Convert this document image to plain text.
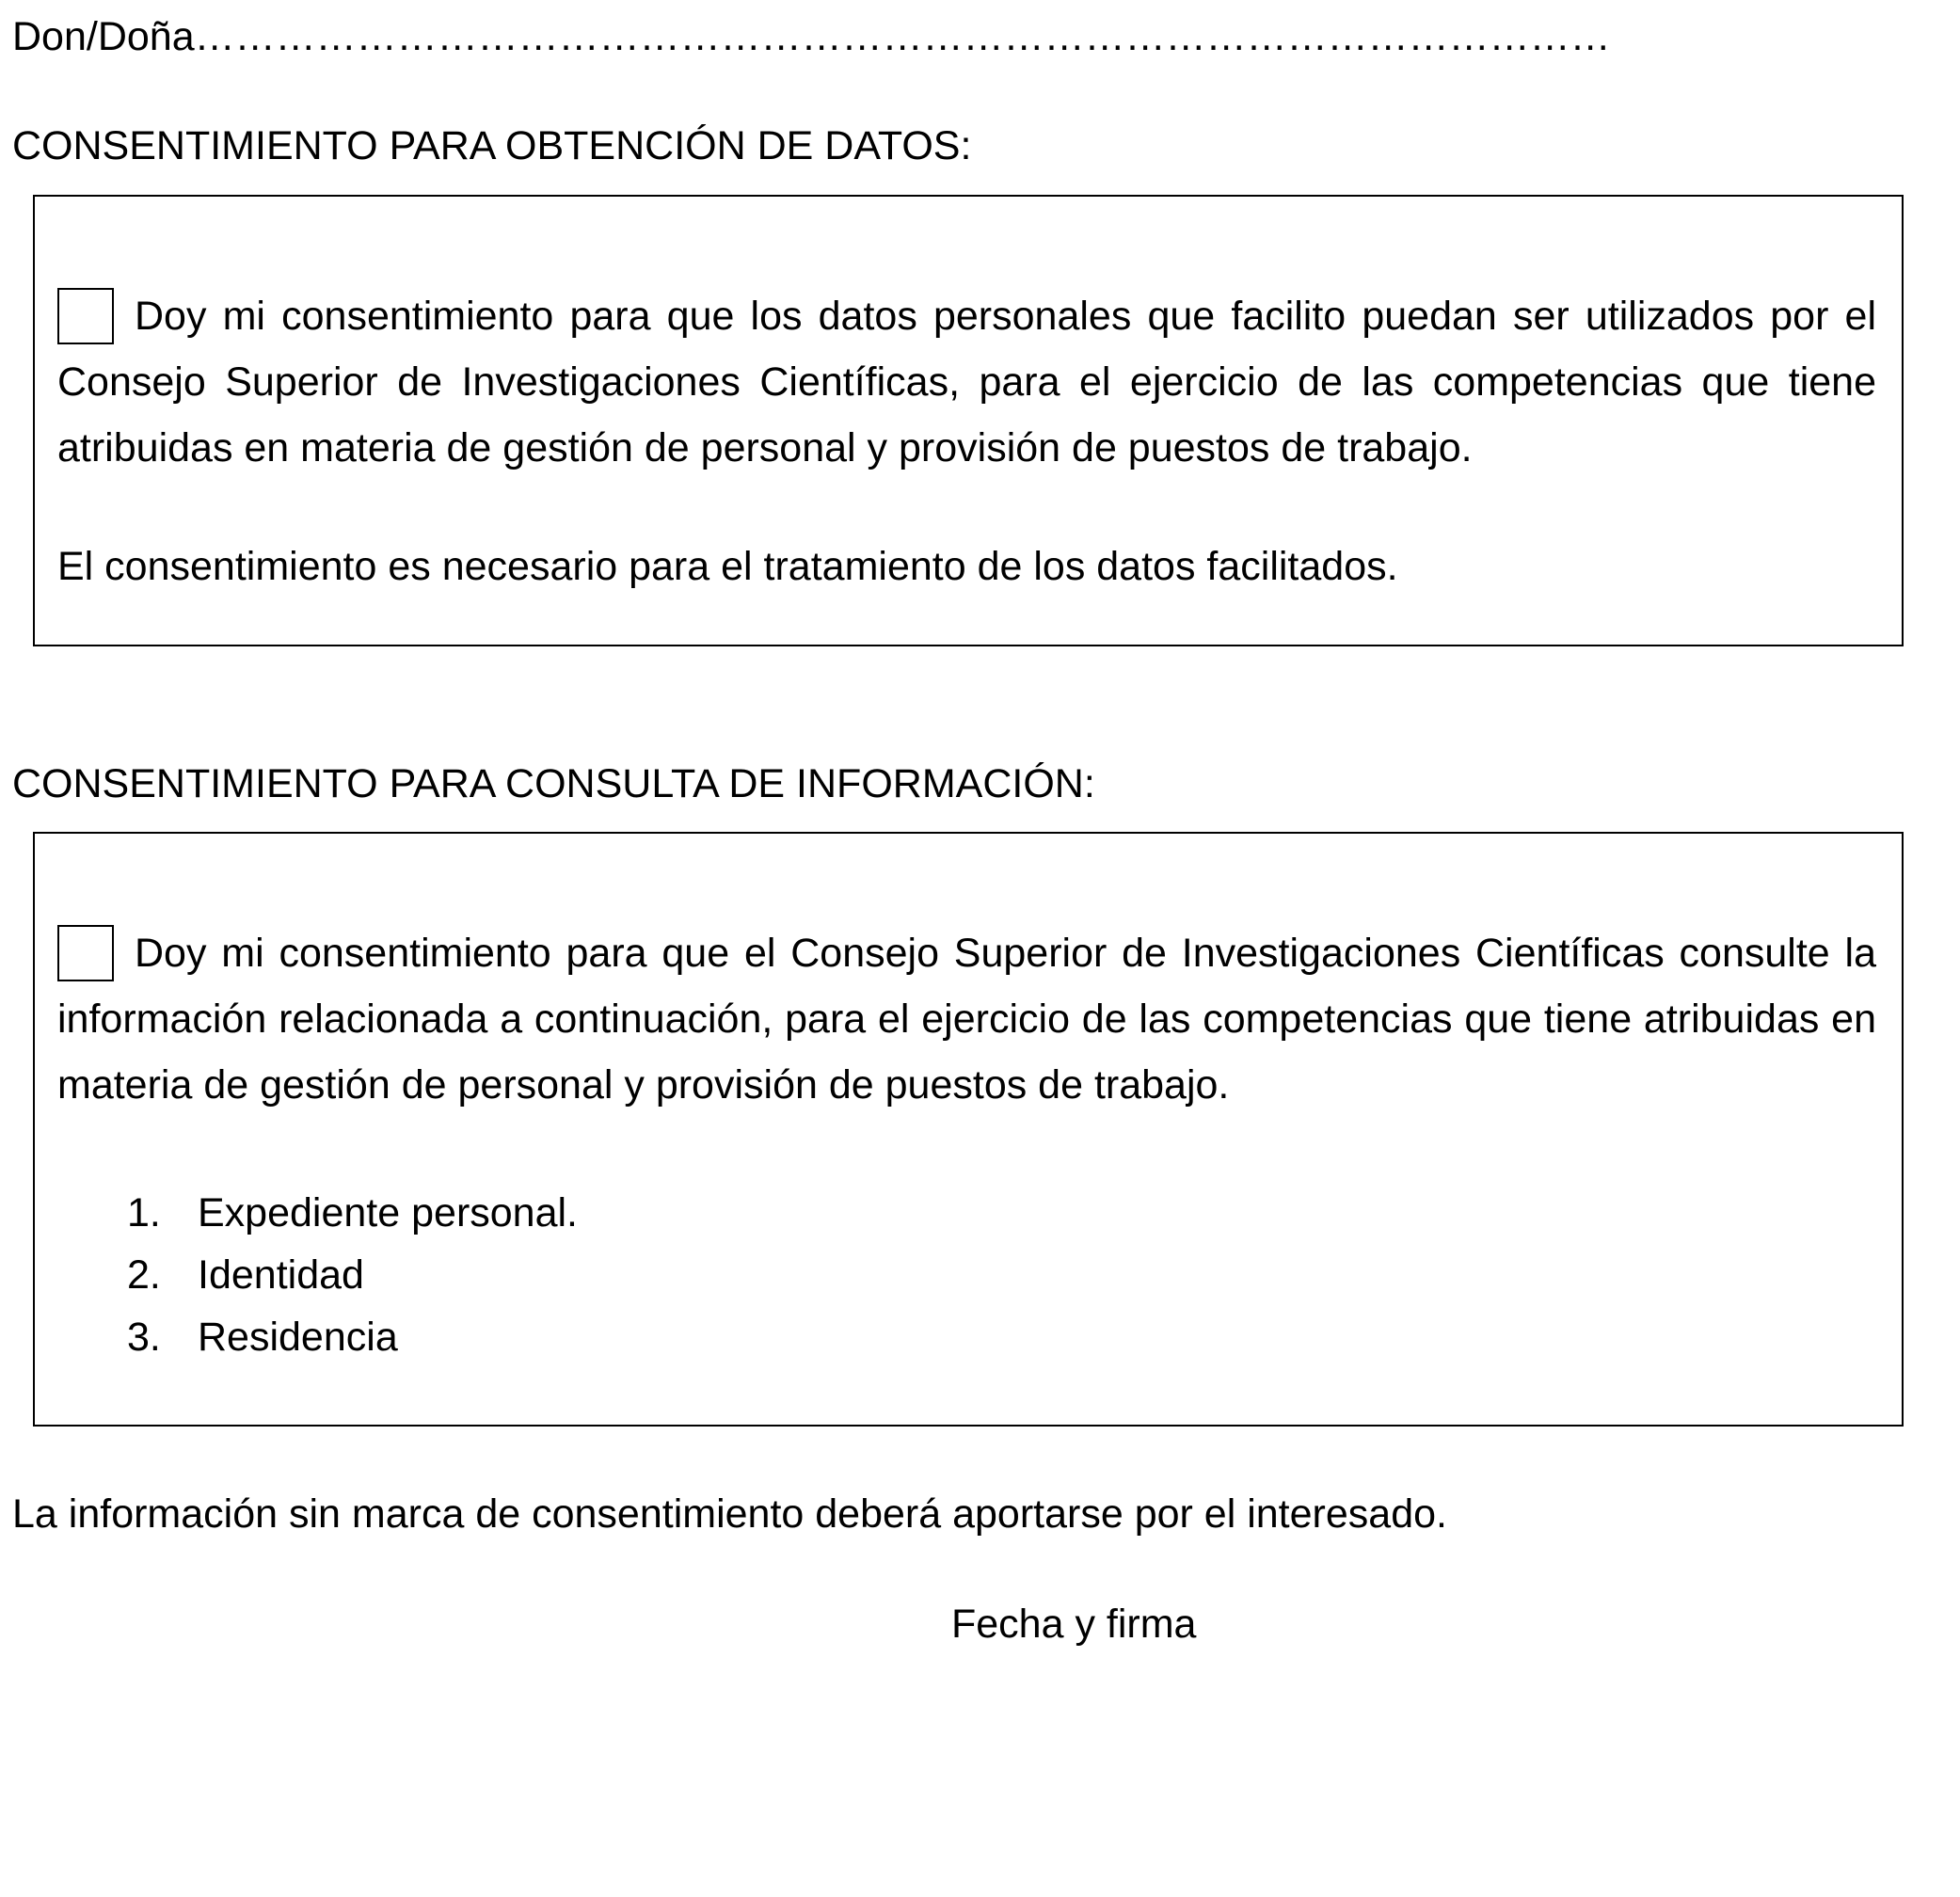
Don/Doña……………………………………………………………………………………………
CONSENTIMIENTO PARA OBTENCIÓN DE DATOS:
Doy mi consentimiento para que los datos personales que facilito puedan ser utilizados por el Consejo Superior de Investigaciones Científicas, para el ejercicio de las competencias que tiene atribuidas en materia de gestión de personal y provisión de puestos de trabajo.
El consentimiento es necesario para el tratamiento de los datos facilitados.
CONSENTIMIENTO PARA CONSULTA DE INFORMACIÓN:
Doy mi consentimiento para que el Consejo Superior de Investigaciones Científicas consulte la información relacionada a continuación, para el ejercicio de las competencias que tiene atribuidas en materia de gestión de personal y provisión de puestos de trabajo.
1. Expediente personal.
2. Identidad
3. Residencia
La información sin marca de consentimiento deberá aportarse por el interesado.
Fecha y firma
